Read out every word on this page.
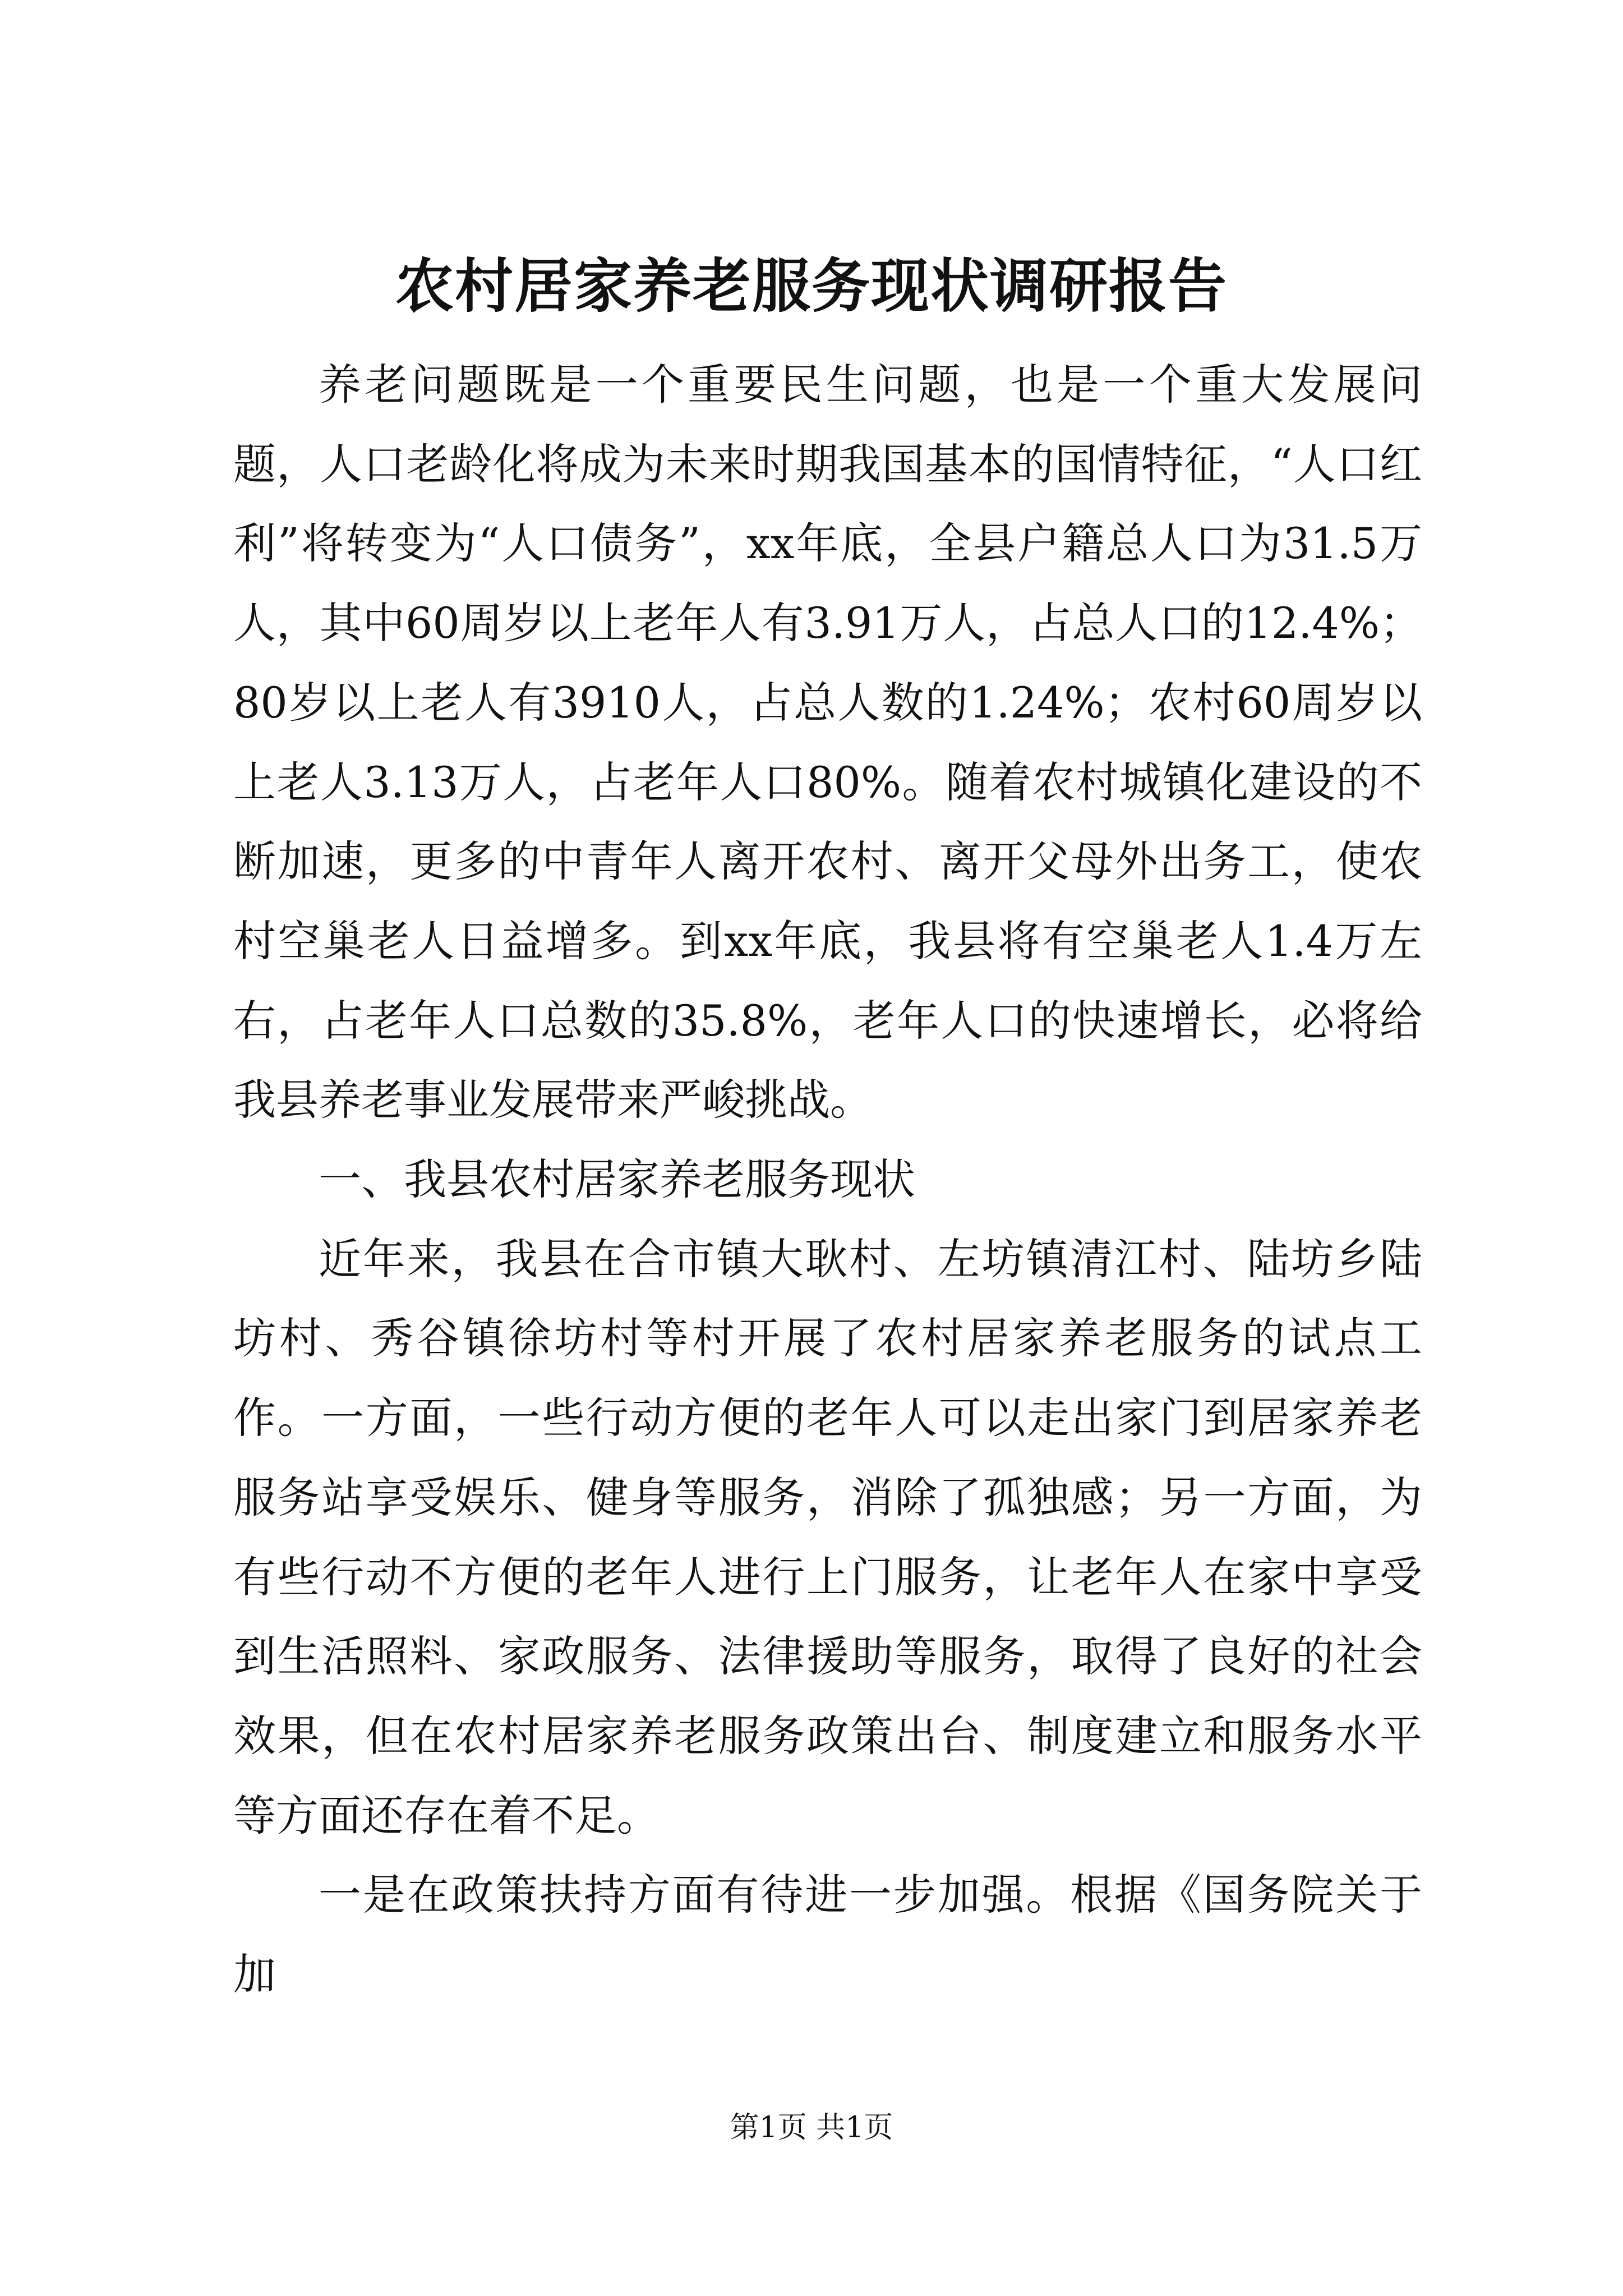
农村居家养老服务现状调研报告

养老问题既是一个重要民生问题，也是一个重大发展问题，人口老龄化将成为未来时期我国基本的国情特征，“人口红利”将转变为“人口债务”，xx年底，全县户籍总人口为31.5万人，其中60周岁以上老年人有3.91万人，占总人口的12.4%；80岁以上老人有3910人，占总人数的1.24%；农村60周岁以上老人3.13万人，占老年人口80%。随着农村城镇化建设的不断加速，更多的中青年人离开农村、离开父母外出务工，使农村空巢老人日益增多。到xx年底，我县将有空巢老人1.4万左右，占老年人口总数的35.8%，老年人口的快速增长，必将给我县养老事业发展带来严峻挑战。

一、我县农村居家养老服务现状

近年来，我县在合市镇大耿村、左坊镇清江村、陆坊乡陆坊村、秀谷镇徐坊村等村开展了农村居家养老服务的试点工作。一方面，一些行动方便的老年人可以走出家门到居家养老服务站享受娱乐、健身等服务，消除了孤独感；另一方面，为有些行动不方便的老年人进行上门服务，让老年人在家中享受到生活照料、家政服务、法律援助等服务，取得了良好的社会效果，但在农村居家养老服务政策出台、制度建立和服务水平等方面还存在着不足。

一是在政策扶持方面有待进一步加强。根据《国务院关于加

第1页 共1页
